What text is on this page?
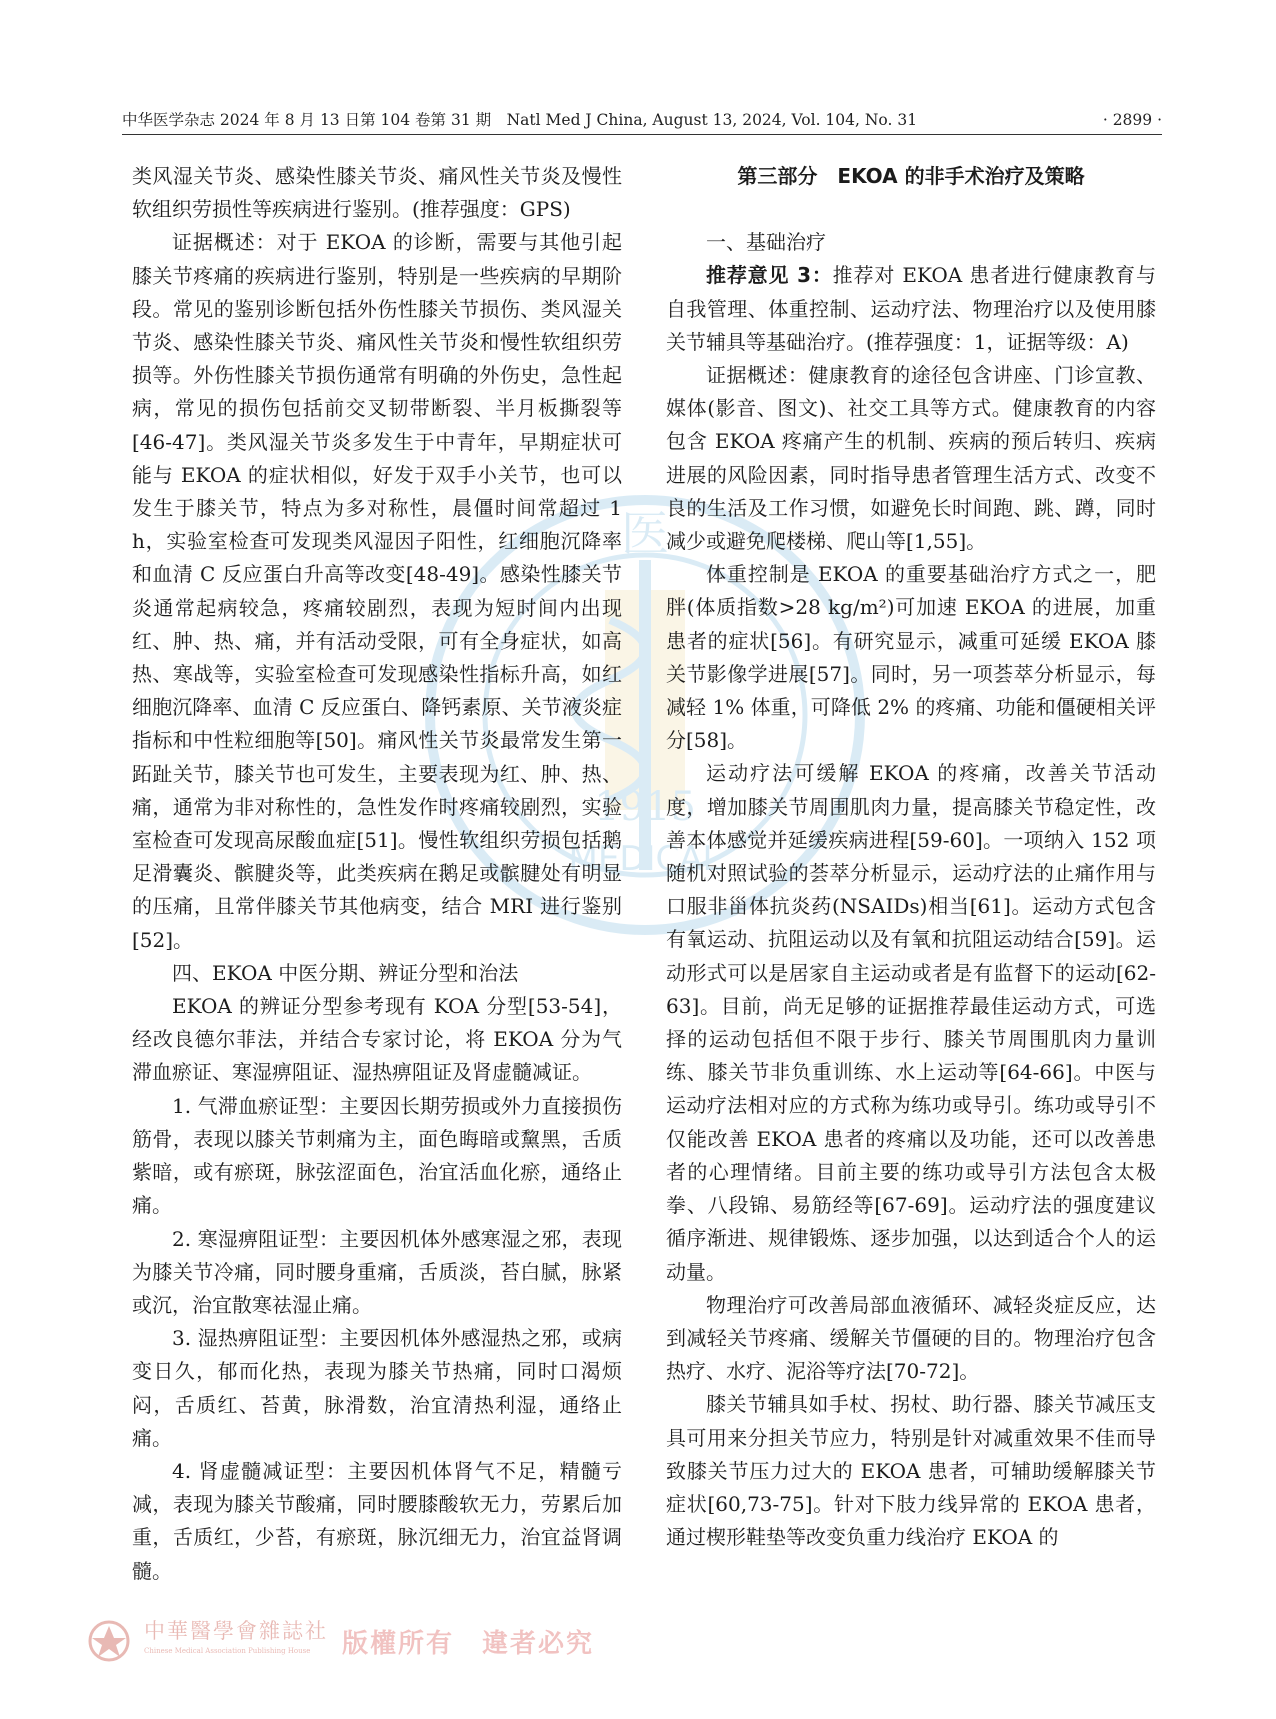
中华医学杂志 2024 年 8 月 13 日第 104 卷第 31 期　Natl Med J China, August 13, 2024, Vol. 104, No. 31	· 2899 ·
医
1915
MEDICAL

类风湿关节炎、感染性膝关节炎、痛风性关节炎及慢性软组织劳损性等疾病进行鉴别。(推荐强度：GPS)

证据概述：对于 EKOA 的诊断，需要与其他引起膝关节疼痛的疾病进行鉴别，特别是一些疾病的早期阶段。常见的鉴别诊断包括外伤性膝关节损伤、类风湿关节炎、感染性膝关节炎、痛风性关节炎和慢性软组织劳损等。外伤性膝关节损伤通常有明确的外伤史，急性起病，常见的损伤包括前交叉韧带断裂、半月板撕裂等[46-47]。类风湿关节炎多发生于中青年，早期症状可能与 EKOA 的症状相似，好发于双手小关节，也可以发生于膝关节，特点为多对称性，晨僵时间常超过 1 h，实验室检查可发现类风湿因子阳性，红细胞沉降率和血清 C 反应蛋白升高等改变[48-49]。感染性膝关节炎通常起病较急，疼痛较剧烈，表现为短时间内出现红、肿、热、痛，并有活动受限，可有全身症状，如高热、寒战等，实验室检查可发现感染性指标升高，如红细胞沉降率、血清 C 反应蛋白、降钙素原、关节液炎症指标和中性粒细胞等[50]。痛风性关节炎最常发生第一跖趾关节，膝关节也可发生，主要表现为红、肿、热、痛，通常为非对称性的，急性发作时疼痛较剧烈，实验室检查可发现高尿酸血症[51]。慢性软组织劳损包括鹅足滑囊炎、髌腱炎等，此类疾病在鹅足或髌腱处有明显的压痛，且常伴膝关节其他病变，结合 MRI 进行鉴别[52]。

四、EKOA 中医分期、辨证分型和治法

EKOA 的辨证分型参考现有 KOA 分型[53-54]，经改良德尔菲法，并结合专家讨论，将 EKOA 分为气滞血瘀证、寒湿痹阻证、湿热痹阻证及肾虚髓减证。

1. 气滞血瘀证型：主要因长期劳损或外力直接损伤筋骨，表现以膝关节刺痛为主，面色晦暗或黧黑，舌质紫暗，或有瘀斑，脉弦涩面色，治宜活血化瘀，通络止痛。

2. 寒湿痹阻证型：主要因机体外感寒湿之邪，表现为膝关节冷痛，同时腰身重痛，舌质淡，苔白腻，脉紧或沉，治宜散寒祛湿止痛。

3. 湿热痹阻证型：主要因机体外感湿热之邪，或病变日久，郁而化热，表现为膝关节热痛，同时口渴烦闷，舌质红、苔黄，脉滑数，治宜清热利湿，通络止痛。

4. 肾虚髓减证型：主要因机体肾气不足，精髓亏减，表现为膝关节酸痛，同时腰膝酸软无力，劳累后加重，舌质红，少苔，有瘀斑，脉沉细无力，治宜益肾调髓。

第三部分　EKOA 的非手术治疗及策略

一、基础治疗

推荐意见 3：推荐对 EKOA 患者进行健康教育与自我管理、体重控制、运动疗法、物理治疗以及使用膝关节辅具等基础治疗。(推荐强度：1，证据等级：A)

证据概述：健康教育的途径包含讲座、门诊宣教、媒体(影音、图文)、社交工具等方式。健康教育的内容包含 EKOA 疼痛产生的机制、疾病的预后转归、疾病进展的风险因素，同时指导患者管理生活方式、改变不良的生活及工作习惯，如避免长时间跑、跳、蹲，同时减少或避免爬楼梯、爬山等[1,55]。

体重控制是 EKOA 的重要基础治疗方式之一，肥胖(体质指数>28 kg/m²)可加速 EKOA 的进展，加重患者的症状[56]。有研究显示，减重可延缓 EKOA 膝关节影像学进展[57]。同时，另一项荟萃分析显示，每减轻 1% 体重，可降低 2% 的疼痛、功能和僵硬相关评分[58]。

运动疗法可缓解 EKOA 的疼痛，改善关节活动度，增加膝关节周围肌肉力量，提高膝关节稳定性，改善本体感觉并延缓疾病进程[59-60]。一项纳入 152 项随机对照试验的荟萃分析显示，运动疗法的止痛作用与口服非甾体抗炎药(NSAIDs)相当[61]。运动方式包含有氧运动、抗阻运动以及有氧和抗阻运动结合[59]。运动形式可以是居家自主运动或者是有监督下的运动[62-63]。目前，尚无足够的证据推荐最佳运动方式，可选择的运动包括但不限于步行、膝关节周围肌肉力量训练、膝关节非负重训练、水上运动等[64-66]。中医与运动疗法相对应的方式称为练功或导引。练功或导引不仅能改善 EKOA 患者的疼痛以及功能，还可以改善患者的心理情绪。目前主要的练功或导引方法包含太极拳、八段锦、易筋经等[67-69]。运动疗法的强度建议循序渐进、规律锻炼、逐步加强，以达到适合个人的运动量。

物理治疗可改善局部血液循环、减轻炎症反应，达到减轻关节疼痛、缓解关节僵硬的目的。物理治疗包含热疗、水疗、泥浴等疗法[70-72]。

膝关节辅具如手杖、拐杖、助行器、膝关节减压支具可用来分担关节应力，特别是针对减重效果不佳而导致膝关节压力过大的 EKOA 患者，可辅助缓解膝关节症状[60,73-75]。针对下肢力线异常的 EKOA 患者，通过楔形鞋垫等改变负重力线治疗 EKOA 的

中華醫學會雜誌社
Chinese Medical Association Publishing House	版權所有　違者必究
